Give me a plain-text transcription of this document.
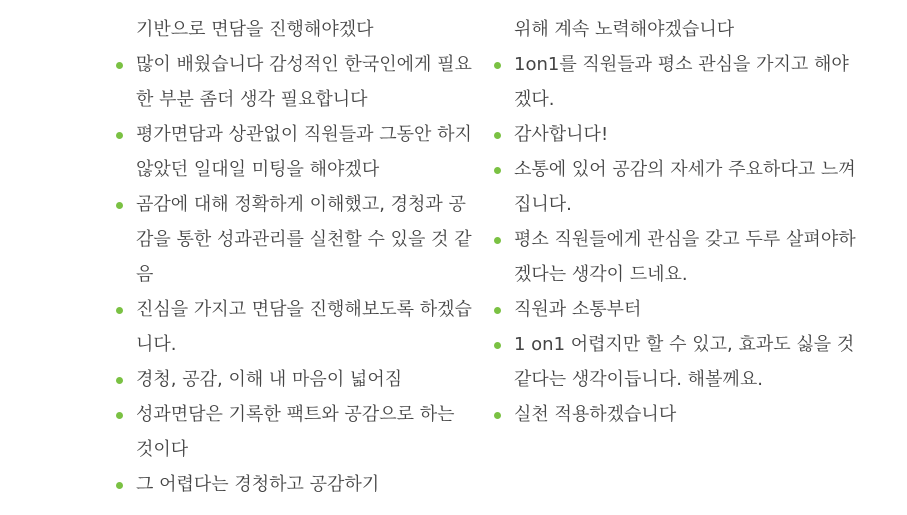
기반으로 면담을 진행해야겠다
많이 배웠습니다 감성적인 한국인에게 필요한 부분 좀더 생각 필요합니다
평가면담과 상관없이 직원들과 그동안 하지않았던 일대일 미팅을 해야겠다
곰감에 대해 정확하게 이해했고, 경청과 공감을 통한 성과관리를 실천할 수 있을 것 같음
진심을 가지고 면담을 진행해보도록 하겠습니다.
경청, 공감, 이해 내 마음이 넓어짐
성과면담은 기록한 팩트와 공감으로 하는 것이다
그 어렵다는 경청하고 공감하기
위해 계속 노력해야겠습니다
1on1를 직원들과 평소 관심을 가지고 해야겠다.
감사합니다!
소통에 있어 공감의 자세가 주요하다고 느껴집니다.
평소 직원들에게 관심을 갖고 두루 살펴야하겠다는 생각이 드네요.
직원과 소통부터
1 on1 어렵지만 할 수 있고, 효과도 싫을 것 같다는 생각이듭니다. 해볼께요.
실천 적용하겠습니다
